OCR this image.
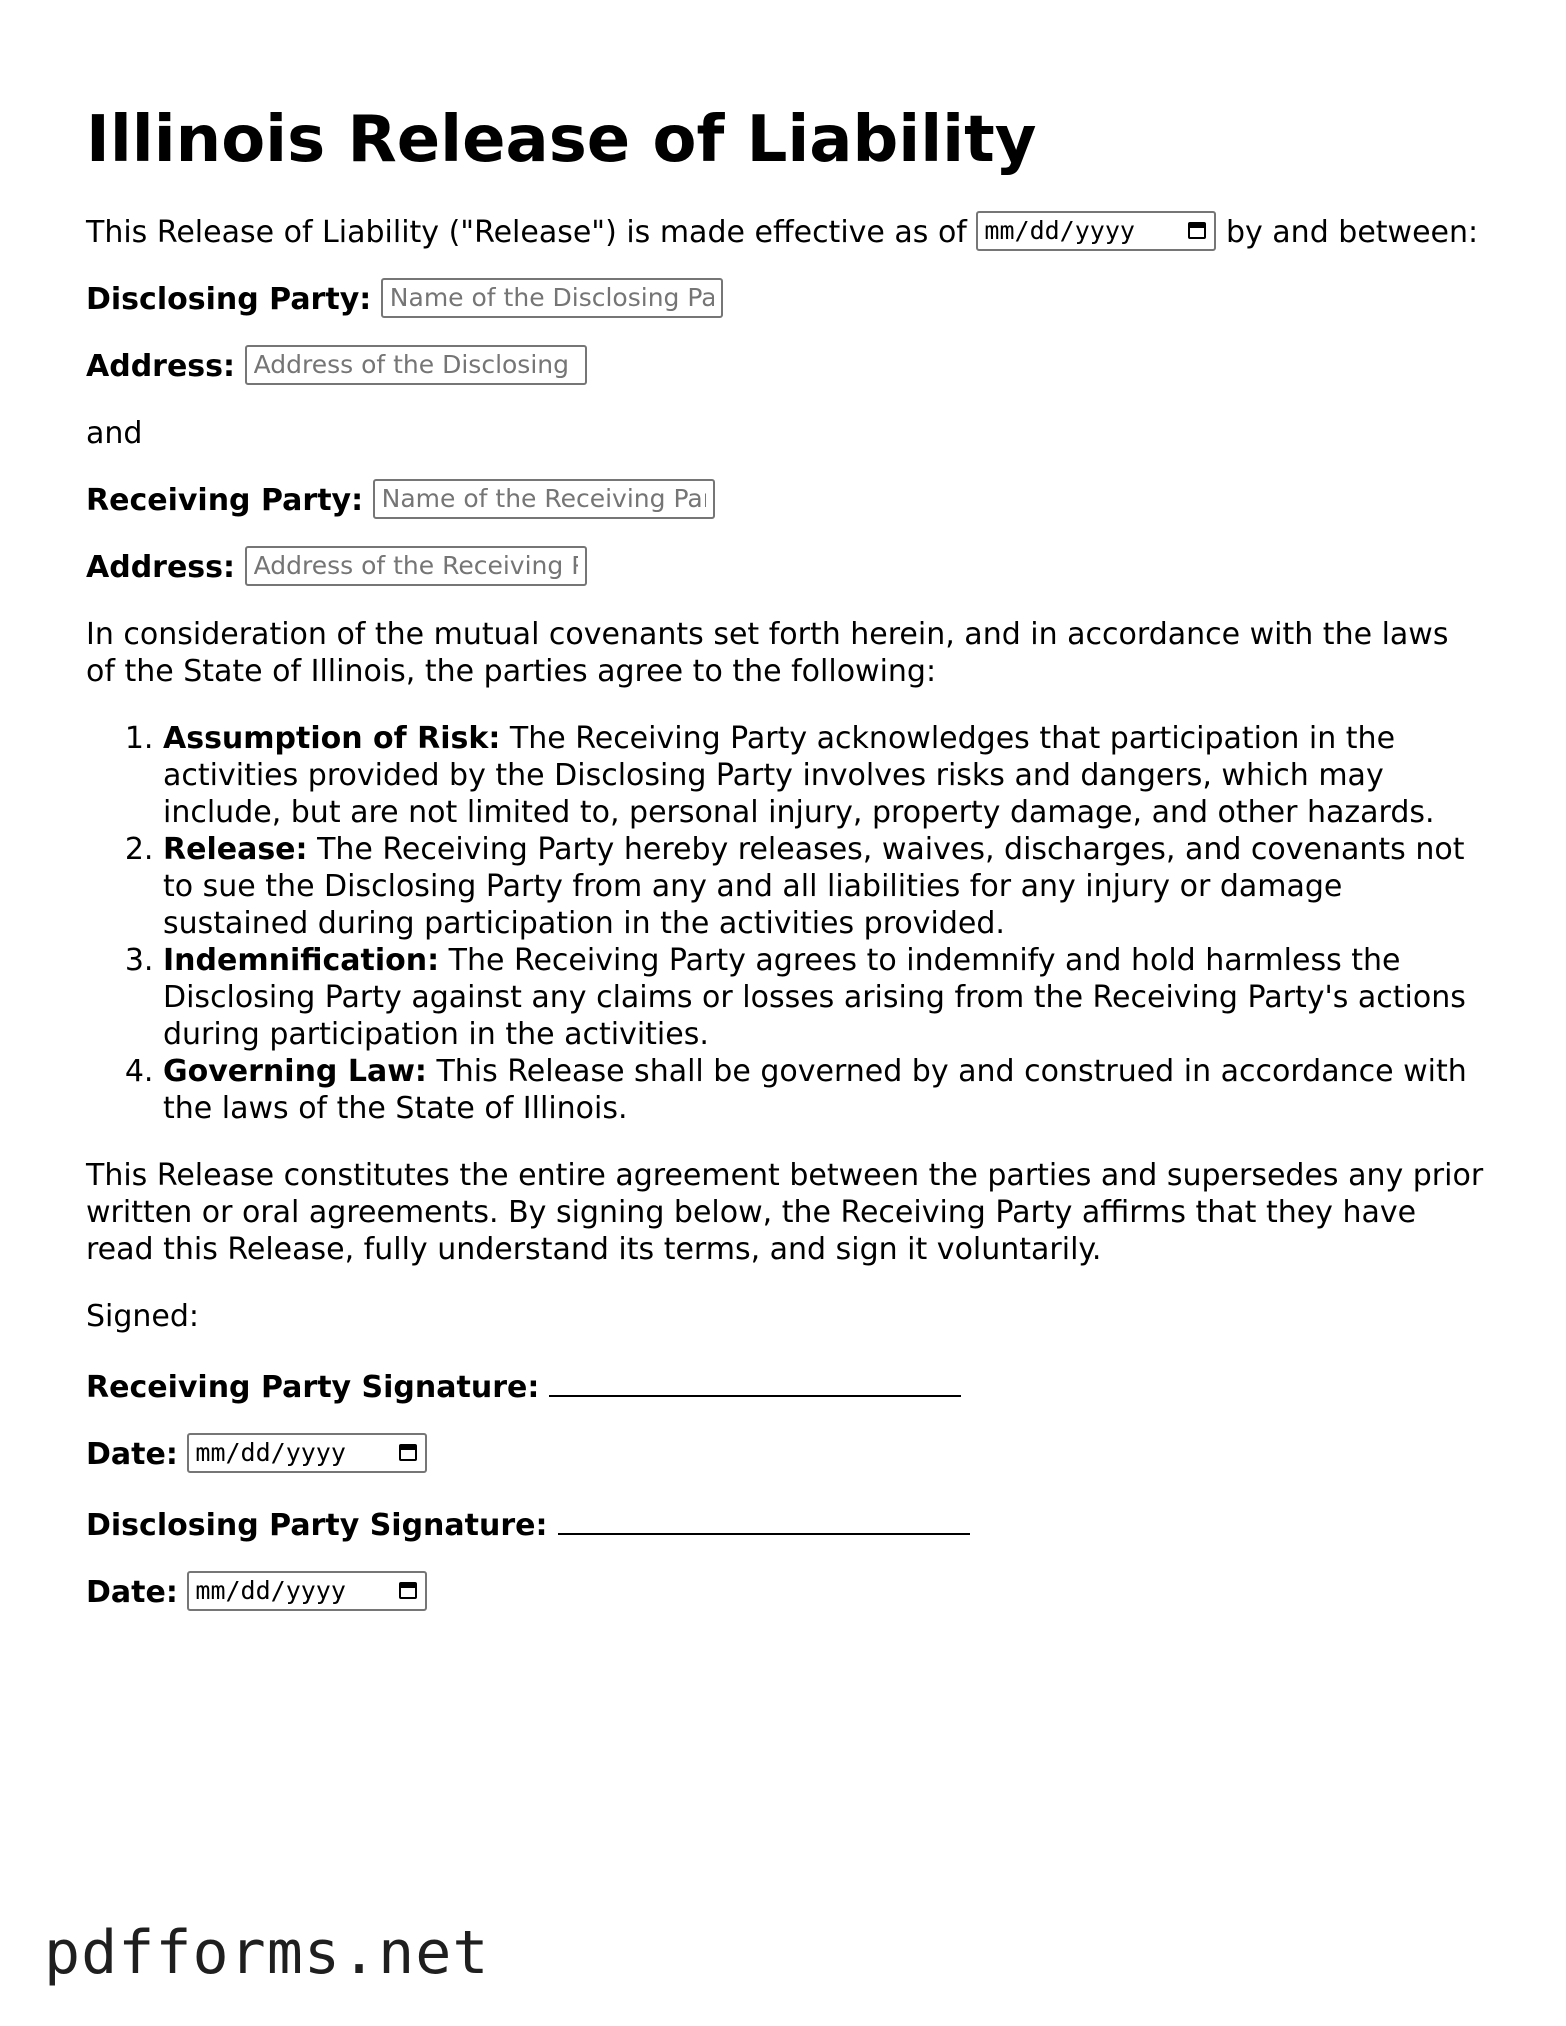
Illinois Release of Liability

This Release of Liability ("Release") is made effective as of mm/dd/yyyy	by and between:

Disclosing Party: Name of the Disclosing Party

Address: Address of the Disclosing Party

and

Receiving Party: Name of the Receiving Party

Address: Address of the Receiving Party

In consideration of the mutual covenants set forth herein, and in accordance with the laws of the State of Illinois, the parties agree to the following:

1. Assumption of Risk: The Receiving Party acknowledges that participation in the activities provided by the Disclosing Party involves risks and dangers, which may include, but are not limited to, personal injury, property damage, and other hazards.
2. Release: The Receiving Party hereby releases, waives, discharges, and covenants not to sue the Disclosing Party from any and all liabilities for any injury or damage sustained during participation in the activities provided.
3. Indemnification: The Receiving Party agrees to indemnify and hold harmless the Disclosing Party against any claims or losses arising from the Receiving Party's actions during participation in the activities.
4. Governing Law: This Release shall be governed by and construed in accordance with the laws of the State of Illinois.

This Release constitutes the entire agreement between the parties and supersedes any prior written or oral agreements. By signing below, the Receiving Party affirms that they have read this Release, fully understand its terms, and sign it voluntarily.

Signed:

Receiving Party Signature:

Date: mm/dd/yyyy

Disclosing Party Signature:

Date: mm/dd/yyyy

pdfforms.net
